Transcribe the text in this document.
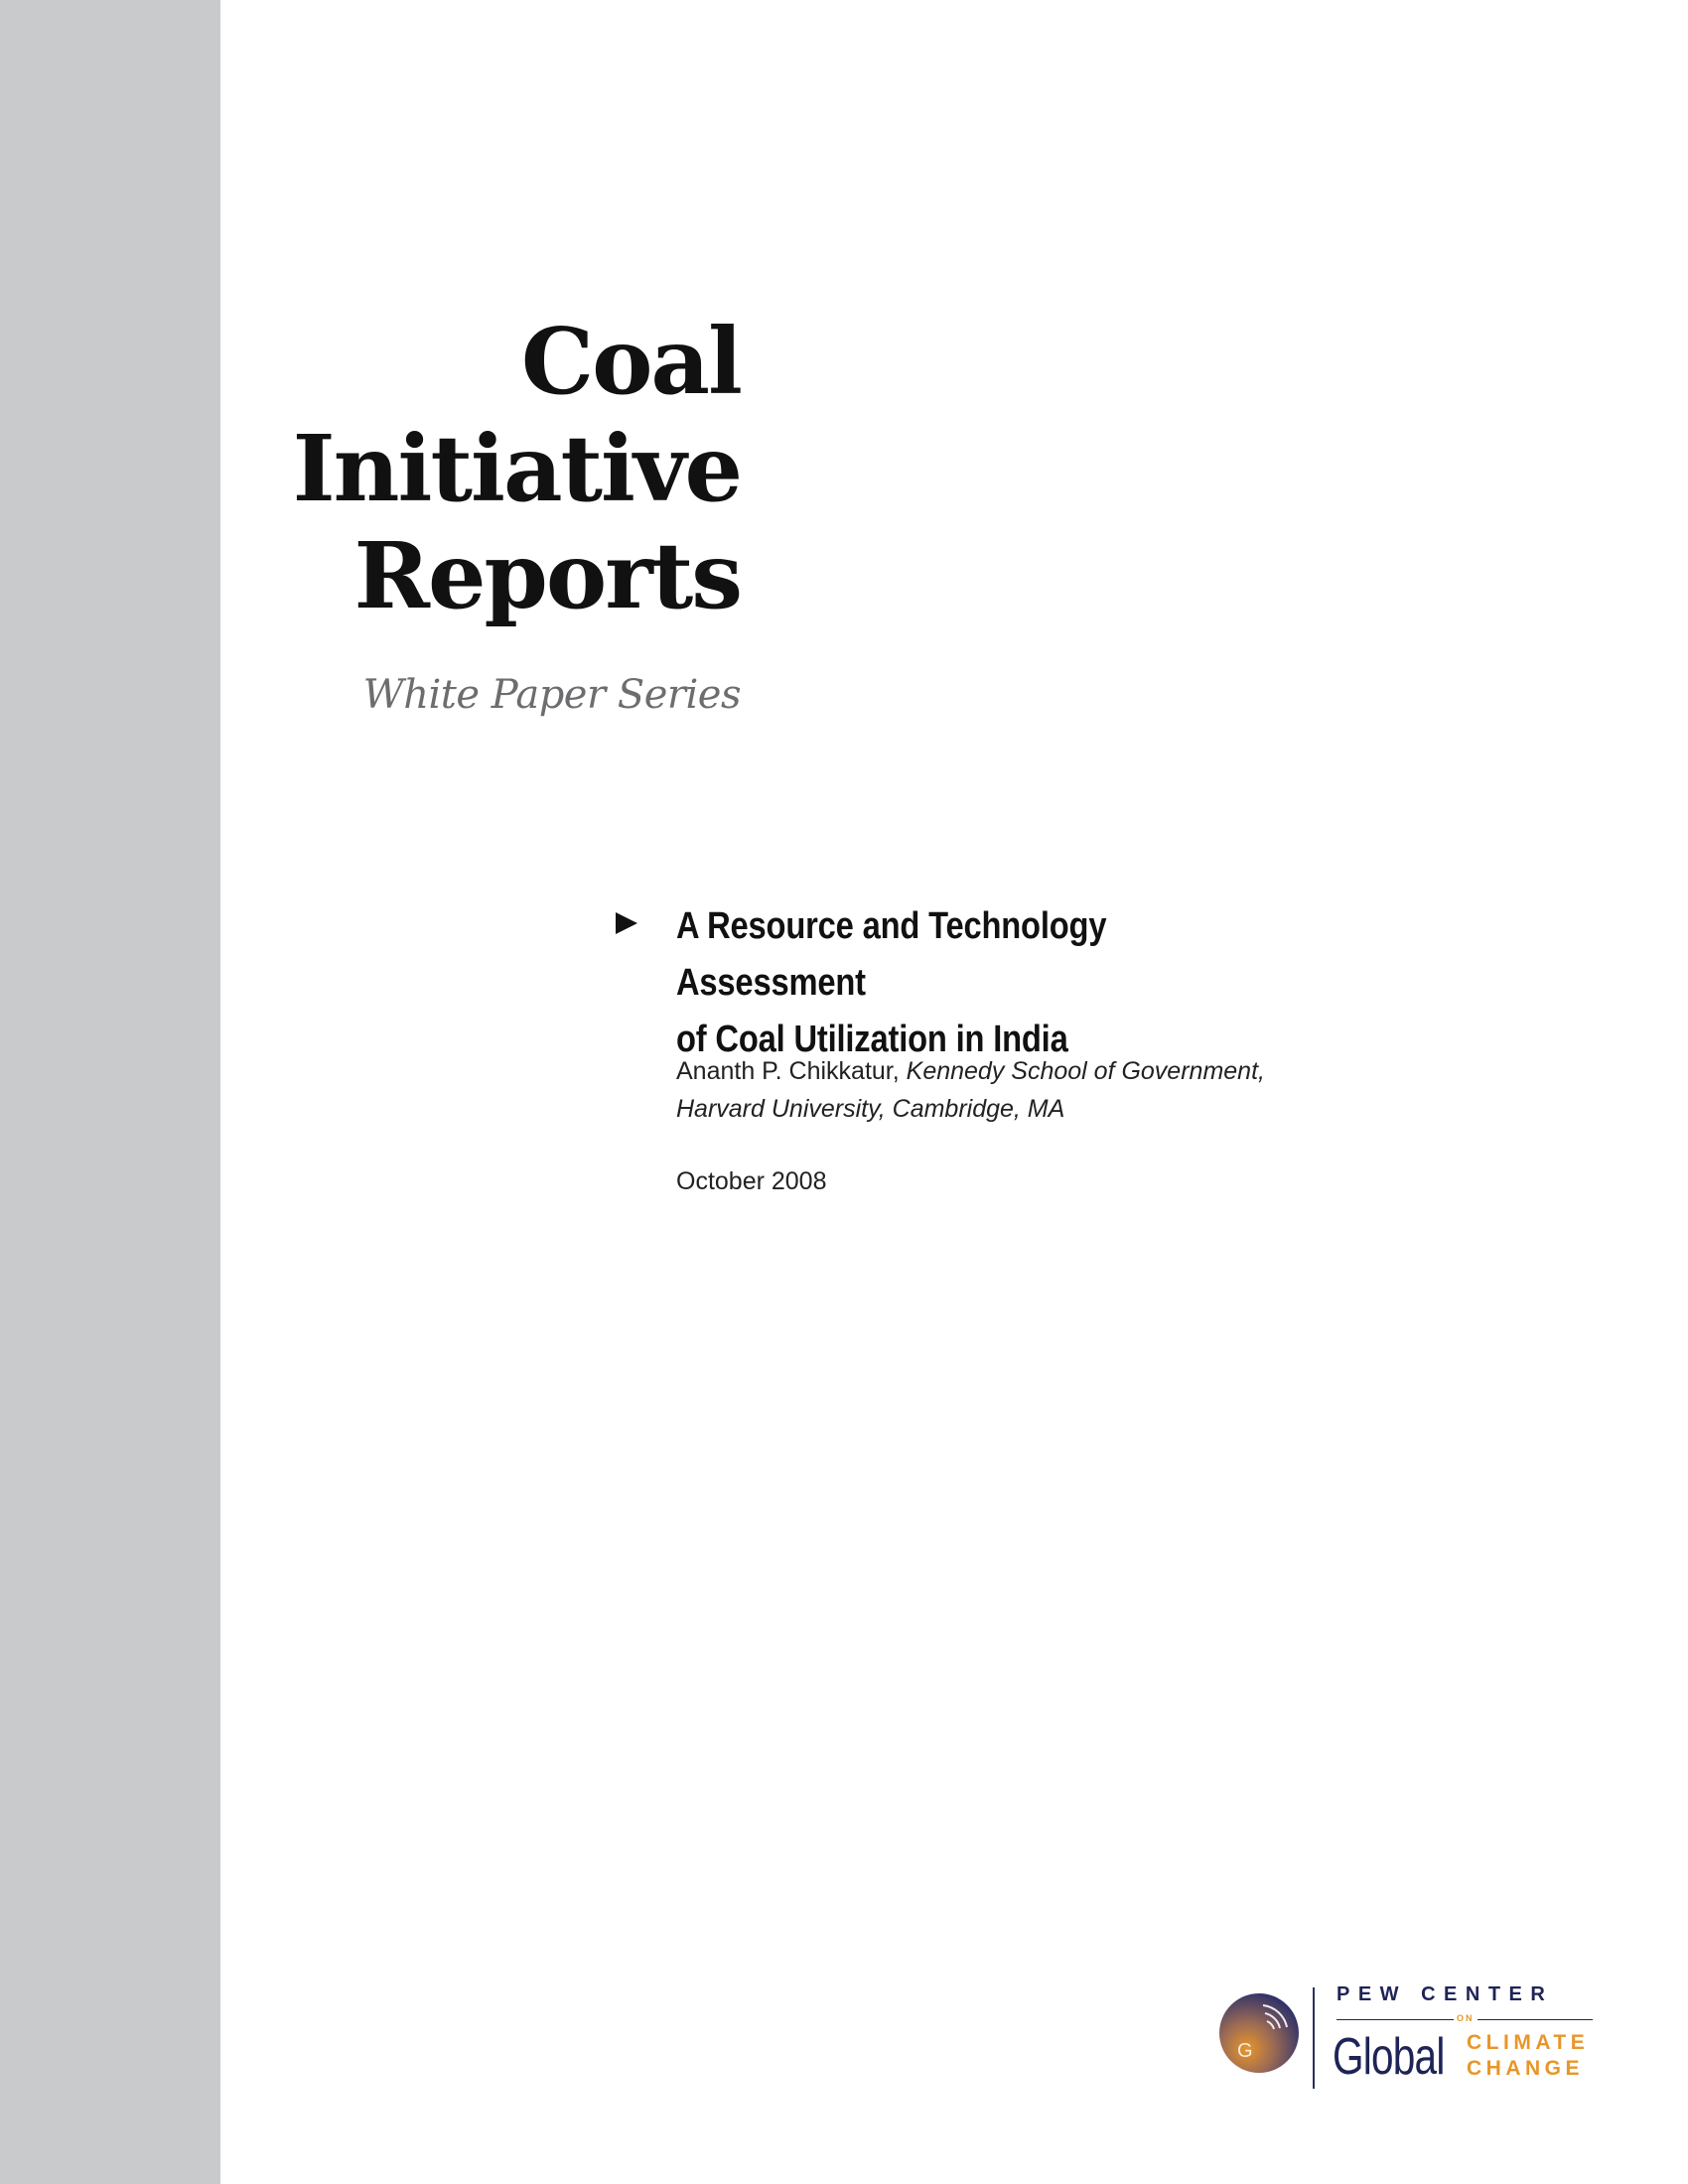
Coal
Initiative
Reports
White Paper Series
A Resource and Technology Assessment
of Coal Utilization in India
Ananth P. Chikkatur, Kennedy School of Government,
Harvard University, Cambridge, MA
October 2008
G
PEW CENTER
ON
Global CLIMATE
CHANGE
